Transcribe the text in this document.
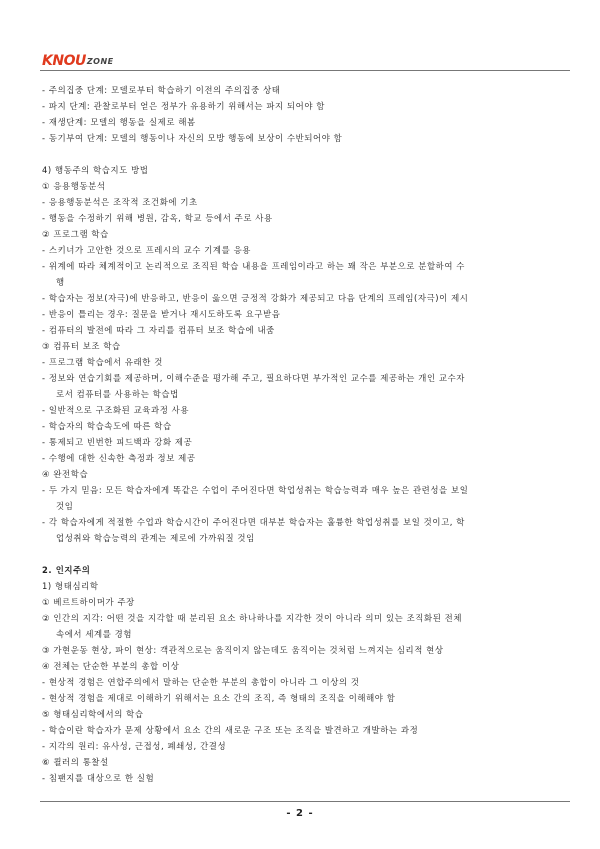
K NOU ZONE
- 주의집중 단계: 모델로부터 학습하기 이전의 주의집중 상태
- 파지 단계: 관찰로부터 얻은 정부가 유용하기 위해서는 파지 되어야 함
- 재생단계: 모델의 행동을 실제로 해봄
- 동기부여 단계: 모델의 행동이나 자신의 모방 행동에 보상이 수반되어야 함
4) 행동주의 학습지도 방법
① 응용행동분석
- 응용행동분석은 조작적 조건화에 기초
- 행동을 수정하기 위해 병원, 감옥, 학교 등에서 주로 사용
② 프로그램 학습
- 스키너가 고안한 것으로 프레시의 교수 기계를 응용
- 위계에 따라 체계적이고 논리적으로 조직된 학습 내용을 프레임이라고 하는 꽤 작은 부분으로 분할하여 수
행
- 학습자는 정보(자극)에 반응하고, 반응이 옳으면 긍정적 강화가 제공되고 다음 단계의 프레임(자극)이 제시
- 반응이 틀리는 경우: 질문을 받거나 재시도하도록 요구받음
- 컴퓨터의 발전에 따라 그 자리를 컴퓨터 보조 학습에 내줌
③ 컴퓨터 보조 학습
- 프로그램 학습에서 유래한 것
- 정보와 연습기회를 제공하며, 이해수준을 평가해 주고, 필요하다면 부가적인 교수를 제공하는 개인 교수자
로서 컴퓨터를 사용하는 학습법
- 일반적으로 구조화된 교육과정 사용
- 학습자의 학습속도에 따른 학습
- 통제되고 빈번한 피드백과 강화 제공
- 수행에 대한 신속한 측정과 정보 제공
④ 완전학습
- 두 가지 믿음: 모든 학습자에게 똑같은 수업이 주어진다면 학업성취는 학습능력과 매우 높은 관련성을 보일
것임
- 각 학습자에게 적절한 수업과 학습시간이 주어진다면 대부분 학습자는 훌륭한 학업성취를 보일 것이고, 학
업성취와 학습능력의 관계는 제로에 가까워질 것임
2. 인지주의
1) 형태심리학
① 베르트하이머가 주장
② 인간의 지각: 어떤 것을 지각할 때 분리된 요소 하나하나를 지각한 것이 아니라 의미 있는 조직화된 전체
속에서 세계를 경험
③ 가현운동 현상, 파이 현상: 객관적으로는 움직이지 않는데도 움직이는 것처럼 느껴지는 심리적 현상
④ 전체는 단순한 부분의 총합 이상
- 현상적 경험은 연합주의에서 말하는 단순한 부분의 총합이 아니라 그 이상의 것
- 현상적 경험을 제대로 이해하기 위해서는 요소 간의 조직, 즉 형태의 조직을 이해해야 함
⑤ 형태심리학에서의 학습
- 학습이란 학습자가 문제 상황에서 요소 간의 새로운 구조 또는 조직을 발견하고 개발하는 과정
- 지각의 원리: 유사성, 근접성, 폐쇄성, 간결성
⑥ 쾰러의 통찰설
- 침팬지를 대상으로 한 실험
- 2 -
